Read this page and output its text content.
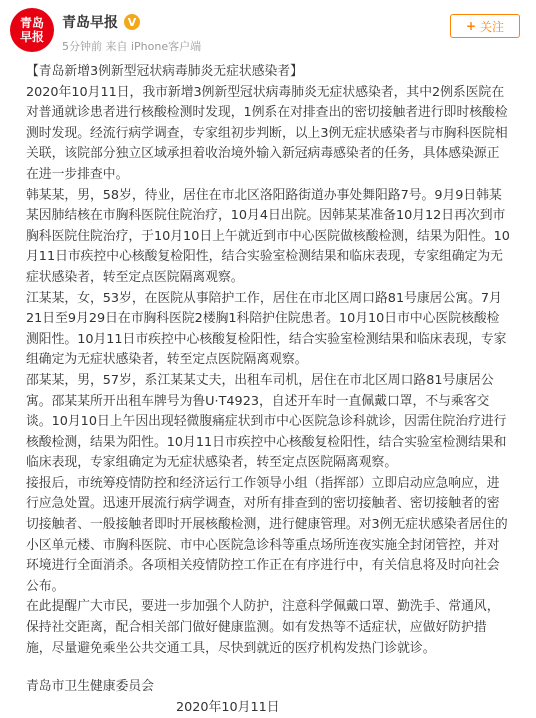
青岛
早报
青岛早报 V
5分钟前 来自 iPhone客户端
+ 关注

【青岛新增3例新型冠状病毒肺炎无症状感染者】

2020年10月11日，我市新增3例新型冠状病毒肺炎无症状感染者，其中2例系医院在对普通就诊患者进行核酸检测时发现，1例系在对排查出的密切接触者进行即时核酸检测时发现。经流行病学调查，专家组初步判断，以上3例无症状感染者与市胸科医院相关联，该院部分独立区域承担着收治境外输入新冠病毒感染者的任务，具体感染源正在进一步排查中。

韩某某，男，58岁，待业，居住在市北区洛阳路街道办事处舞阳路7号。9月9日韩某某因肺结核在市胸科医院住院治疗，10月4日出院。因韩某某准备10月12日再次到市胸科医院住院治疗，于10月10日上午就近到市中心医院做核酸检测，结果为阳性。10月11日市疾控中心核酸复检阳性，结合实验室检测结果和临床表现，专家组确定为无症状感染者，转至定点医院隔离观察。

江某某，女，53岁，在医院从事陪护工作，居住在市北区周口路81号康居公寓。7月21日至9月29日在市胸科医院2楼胸1科陪护住院患者。10月10日市中心医院核酸检测阳性。10月11日市疾控中心核酸复检阳性，结合实验室检测结果和临床表现，专家组确定为无症状感染者，转至定点医院隔离观察。

邵某某，男，57岁，系江某某丈夫，出租车司机，居住在市北区周口路81号康居公寓。邵某某所开出租车牌号为鲁U·T4923，自述开车时一直佩戴口罩，不与乘客交谈。10月10日上午因出现轻微腹痛症状到市中心医院急诊科就诊，因需住院治疗进行核酸检测，结果为阳性。10月11日市疾控中心核酸复检阳性，结合实验室检测结果和临床表现，专家组确定为无症状感染者，转至定点医院隔离观察。

接报后，市统筹疫情防控和经济运行工作领导小组（指挥部）立即启动应急响应，进行应急处置。迅速开展流行病学调查，对所有排查到的密切接触者、密切接触者的密切接触者、一般接触者即时开展核酸检测，进行健康管理。对3例无症状感染者居住的小区单元楼、市胸科医院、市中心医院急诊科等重点场所连夜实施全封闭管控，并对环境进行全面消杀。各项相关疫情防控工作正在有序进行中，有关信息将及时向社会公布。

在此提醒广大市民，要进一步加强个人防护，注意科学佩戴口罩、勤洗手、常通风，保持社交距离，配合相关部门做好健康监测。如有发热等不适症状，应做好防护措施，尽量避免乘坐公共交通工具，尽快到就近的医疗机构发热门诊就诊。

青岛市卫生健康委员会

2020年10月11日
